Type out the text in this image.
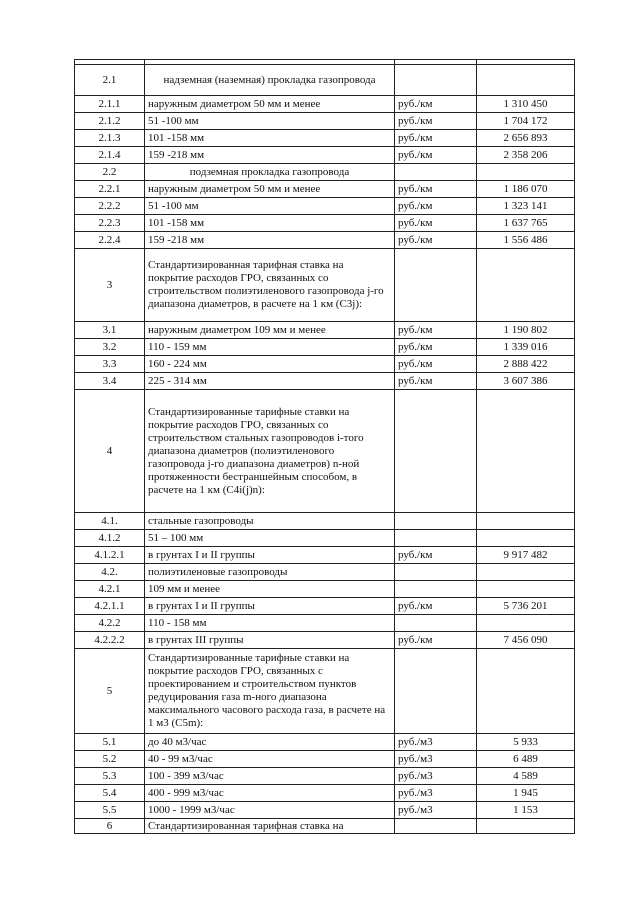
2.1	надземная (наземная) прокладка газопровода		
2.1.1	наружным диаметром 50 мм и менее	руб./км	1 310 450
2.1.2	51 -100 мм	руб./км	1 704 172
2.1.3	101 -158 мм	руб./км	2 656 893
2.1.4	159 -218 мм	руб./км	2 358 206
2.2	подземная прокладка газопровода		
2.2.1	наружным диаметром 50 мм и менее	руб./км	1 186 070
2.2.2	51 -100 мм	руб./км	1 323 141
2.2.3	101 -158 мм	руб./км	1 637 765
2.2.4	159 -218 мм	руб./км	1 556 486
3	Стандартизированная тарифная ставка на покрытие расходов ГРО, связанных со строительством полиэтиленового газопровода j-го диапазона диаметров, в расчете на 1 км (С3j):		
3.1	наружным диаметром 109 мм и менее	руб./км	1 190 802
3.2	110 - 159 мм	руб./км	1 339 016
3.3	160 - 224 мм	руб./км	2 888 422
3.4	225 - 314 мм	руб./км	3 607 386
4	Стандартизированные тарифные ставки на покрытие расходов ГРО, связанных со строительством стальных газопроводов i-того диапазона диаметров (полиэтиленового газопровода j-го диапазона диаметров) n-ной протяженности бестраншейным способом, в расчете на 1 км (С4i(j)n):		
4.1.	стальные газопроводы		
4.1.2	51 – 100 мм		
4.1.2.1	в грунтах I и II группы	руб./км	9 917 482
4.2.	полиэтиленовые газопроводы		
4.2.1	109 мм и менее		
4.2.1.1	в грунтах I и II группы	руб./км	5 736 201
4.2.2	110 - 158 мм		
4.2.2.2	в грунтах III группы	руб./км	7 456 090
5	Стандартизированные тарифные ставки на покрытие расходов ГРО, связанных с проектированием и строительством пунктов редуцирования газа m-ного диапазона максимального часового расхода газа, в расчете на 1 м3 (С5m):		
5.1	до 40 м3/час	руб./м3	5 933
5.2	40 - 99 м3/час	руб./м3	6 489
5.3	100 - 399 м3/час	руб./м3	4 589
5.4	400 - 999 м3/час	руб./м3	1 945
5.5	1000 - 1999 м3/час	руб./м3	1 153
6	Стандартизированная тарифная ставка на		
